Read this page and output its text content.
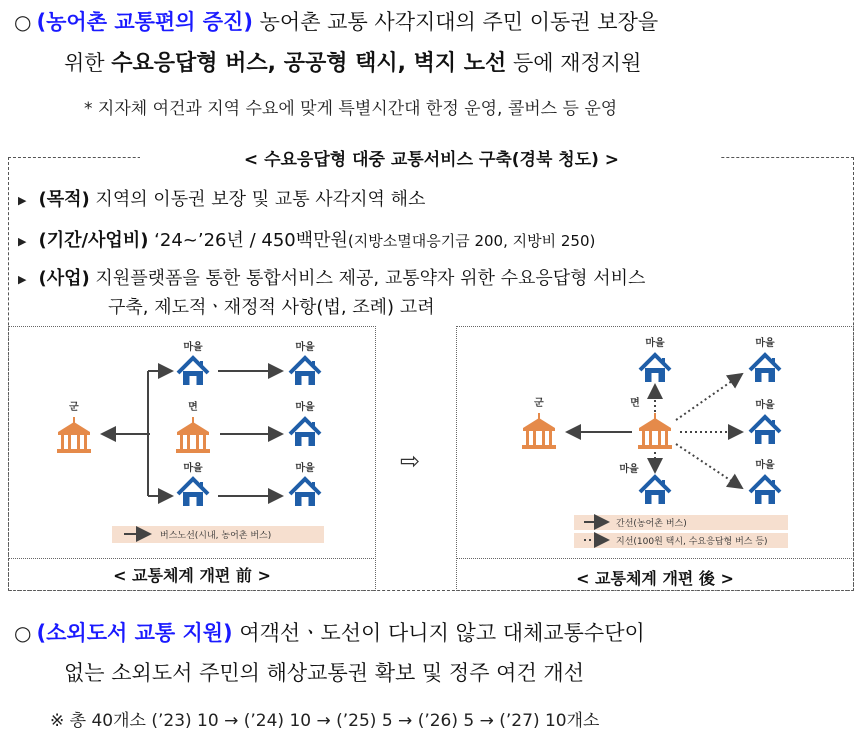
○ (농어촌 교통편의 증진) 농어촌 교통 사각지대의 주민 이동권 보장을
위한 수요응답형 버스, 공공형 택시, 벽지 노선 등에 재정지원
* 지자체 여건과 지역 수요에 맞게 특별시간대 한정 운영, 콜버스 등 운영
< 수요응답형 대중 교통서비스 구축(경북 청도) >
▶ (목적) 지역의 이동권 보장 및 교통 사각지역 해소
▶ (기간/사업비) ‘24~’26년 / 450백만원(지방소멸대응기금 200, 지방비 250)
▶ (사업) 지원플랫폼을 통한 통합서비스 제공, 교통약자 위한 수요응답형 서비스
구축, 제도적ㆍ재정적 사항(법, 조례) 고려
군	면
마을	마을
마을
마을	마을
버스노선(시내, 농어촌 버스)
군	면
마을
마을
마을
마을
마을
간선(농어촌 버스)
지선(100원 택시, 수요응답형 버스 등)
⇨
< 교통체계 개편 前 >	< 교통체계 개편 後 >
○ (소외도서 교통 지원) 여객선ㆍ도선이 다니지 않고 대체교통수단이
없는 소외도서 주민의 해상교통권 확보 및 정주 여건 개선
※ 총 40개소 (’23) 10 → (’24) 10 → (’25) 5 → (’26) 5 → (’27) 10개소
